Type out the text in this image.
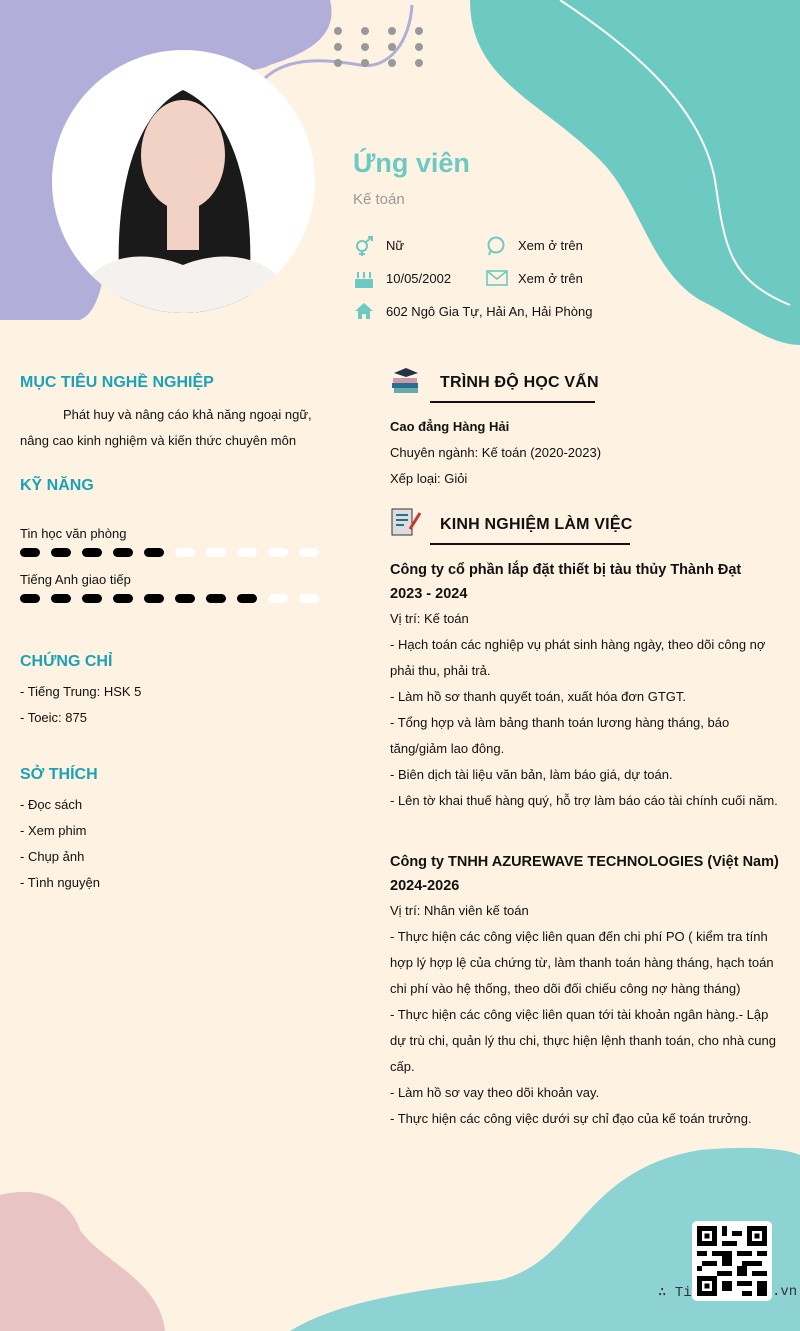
Ứng viên
Kế toán
Nữ	Xem ở trên
10/05/2002	Xem ở trên
602 Ngô Gia Tự, Hải An, Hải Phòng
MỤC TIÊU NGHỀ NGHIỆP
Phát huy và nâng cáo khả năng ngoại ngữ, nâng cao kinh nghiệm và kiến thức chuyên môn
KỸ NĂNG
Tin học văn phòng
Tiếng Anh giao tiếp
CHỨNG CHỈ
- Tiếng Trung: HSK 5
- Toeic: 875
SỞ THÍCH
- Đọc sách
- Xem phim
- Chụp ảnh
- Tình nguyện
TRÌNH ĐỘ HỌC VẤN
Cao đẳng Hàng Hải
Chuyên ngành: Kế toán (2020-2023)
Xếp loại: Giỏi
KINH NGHIỆM LÀM VIỆC
Công ty cổ phần lắp đặt thiết bị tàu thủy Thành Đạt
2023 - 2024
Vị trí: Kế toán
- Hạch toán các nghiệp vụ phát sinh hàng ngày, theo dõi công nợ phải thu, phải trả.
- Làm hồ sơ thanh quyết toán, xuất hóa đơn GTGT.
- Tổng hợp và làm bảng thanh toán lương hàng tháng, báo tăng/giảm lao đông.
- Biên dịch tài liệu văn bản, làm báo giá, dự toán.
- Lên tờ khai thuế hàng quý, hỗ trợ làm báo cáo tài chính cuối năm.
Công ty TNHH AZUREWAVE TECHNOLOGIES (Việt Nam)
2024-2026
Vị trí: Nhân viên kế toán
- Thực hiện các công việc liên quan đến chi phí PO ( kiểm tra tính hợp lý hợp lệ của chứng từ, làm thanh toán hàng tháng, hạch toán chi phí vào hệ thống, theo dõi đối chiếu công nợ hàng tháng)
- Thực hiện các công việc liên quan tới tài khoản ngân hàng.- Lập dự trù chi, quản lý thu chi, thực hiện lệnh thanh toán, cho nhà cung cấp.
- Làm hồ sơ vay theo dõi khoản vay.
- Thực hiện các công việc dưới sự chỉ đạo của kế toán trưởng.
∴ Ti	.vn
